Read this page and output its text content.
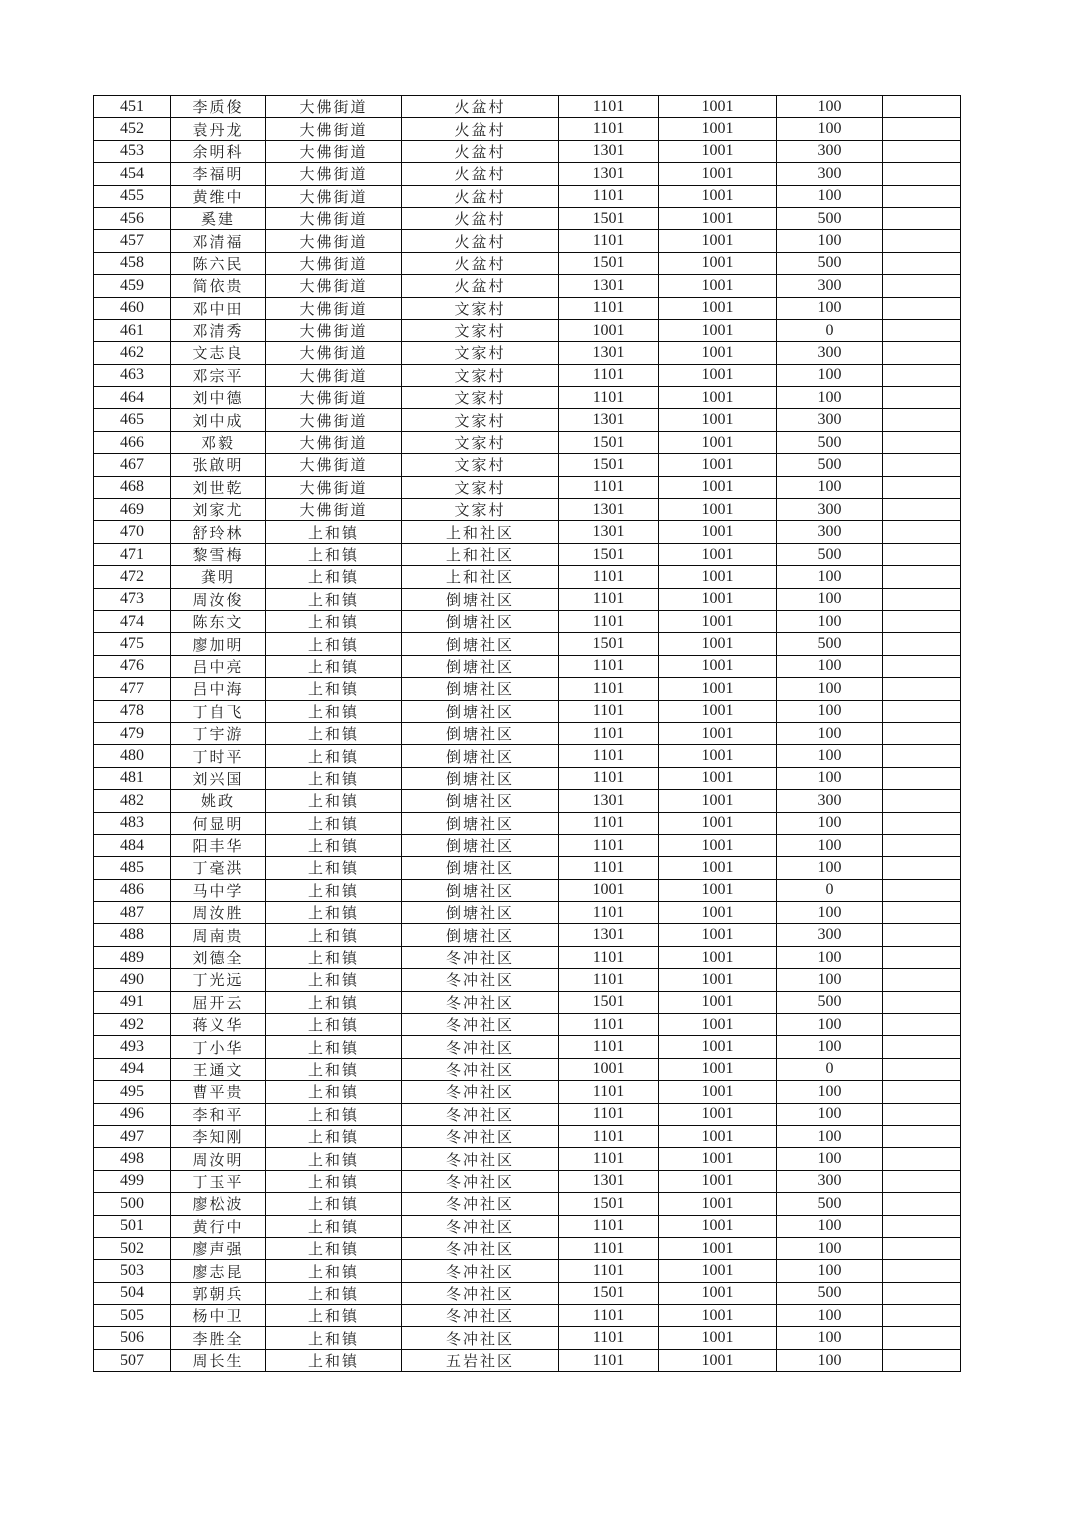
451	李质俊	大佛街道	火盆村	1101	1001	100	
452	袁丹龙	大佛街道	火盆村	1101	1001	100	
453	余明科	大佛街道	火盆村	1301	1001	300	
454	李福明	大佛街道	火盆村	1301	1001	300	
455	黄维中	大佛街道	火盆村	1101	1001	100	
456	奚建	大佛街道	火盆村	1501	1001	500	
457	邓清福	大佛街道	火盆村	1101	1001	100	
458	陈六民	大佛街道	火盆村	1501	1001	500	
459	简依贵	大佛街道	火盆村	1301	1001	300	
460	邓中田	大佛街道	文家村	1101	1001	100	
461	邓清秀	大佛街道	文家村	1001	1001	0	
462	文志良	大佛街道	文家村	1301	1001	300	
463	邓宗平	大佛街道	文家村	1101	1001	100	
464	刘中德	大佛街道	文家村	1101	1001	100	
465	刘中成	大佛街道	文家村	1301	1001	300	
466	邓毅	大佛街道	文家村	1501	1001	500	
467	张啟明	大佛街道	文家村	1501	1001	500	
468	刘世乾	大佛街道	文家村	1101	1001	100	
469	刘家尤	大佛街道	文家村	1301	1001	300	
470	舒玲林	上和镇	上和社区	1301	1001	300	
471	黎雪梅	上和镇	上和社区	1501	1001	500	
472	龚明	上和镇	上和社区	1101	1001	100	
473	周汝俊	上和镇	倒塘社区	1101	1001	100	
474	陈东文	上和镇	倒塘社区	1101	1001	100	
475	廖加明	上和镇	倒塘社区	1501	1001	500	
476	吕中亮	上和镇	倒塘社区	1101	1001	100	
477	吕中海	上和镇	倒塘社区	1101	1001	100	
478	丁自飞	上和镇	倒塘社区	1101	1001	100	
479	丁宇游	上和镇	倒塘社区	1101	1001	100	
480	丁时平	上和镇	倒塘社区	1101	1001	100	
481	刘兴国	上和镇	倒塘社区	1101	1001	100	
482	姚政	上和镇	倒塘社区	1301	1001	300	
483	何显明	上和镇	倒塘社区	1101	1001	100	
484	阳丰华	上和镇	倒塘社区	1101	1001	100	
485	丁毫洪	上和镇	倒塘社区	1101	1001	100	
486	马中学	上和镇	倒塘社区	1001	1001	0	
487	周汝胜	上和镇	倒塘社区	1101	1001	100	
488	周南贵	上和镇	倒塘社区	1301	1001	300	
489	刘德全	上和镇	冬冲社区	1101	1001	100	
490	丁光远	上和镇	冬冲社区	1101	1001	100	
491	屈开云	上和镇	冬冲社区	1501	1001	500	
492	蒋义华	上和镇	冬冲社区	1101	1001	100	
493	丁小华	上和镇	冬冲社区	1101	1001	100	
494	王通文	上和镇	冬冲社区	1001	1001	0	
495	曹平贵	上和镇	冬冲社区	1101	1001	100	
496	李和平	上和镇	冬冲社区	1101	1001	100	
497	李知刚	上和镇	冬冲社区	1101	1001	100	
498	周汝明	上和镇	冬冲社区	1101	1001	100	
499	丁玉平	上和镇	冬冲社区	1301	1001	300	
500	廖松波	上和镇	冬冲社区	1501	1001	500	
501	黄行中	上和镇	冬冲社区	1101	1001	100	
502	廖声强	上和镇	冬冲社区	1101	1001	100	
503	廖志昆	上和镇	冬冲社区	1101	1001	100	
504	郭朝兵	上和镇	冬冲社区	1501	1001	500	
505	杨中卫	上和镇	冬冲社区	1101	1001	100	
506	李胜全	上和镇	冬冲社区	1101	1001	100	
507	周长生	上和镇	五岩社区	1101	1001	100	
